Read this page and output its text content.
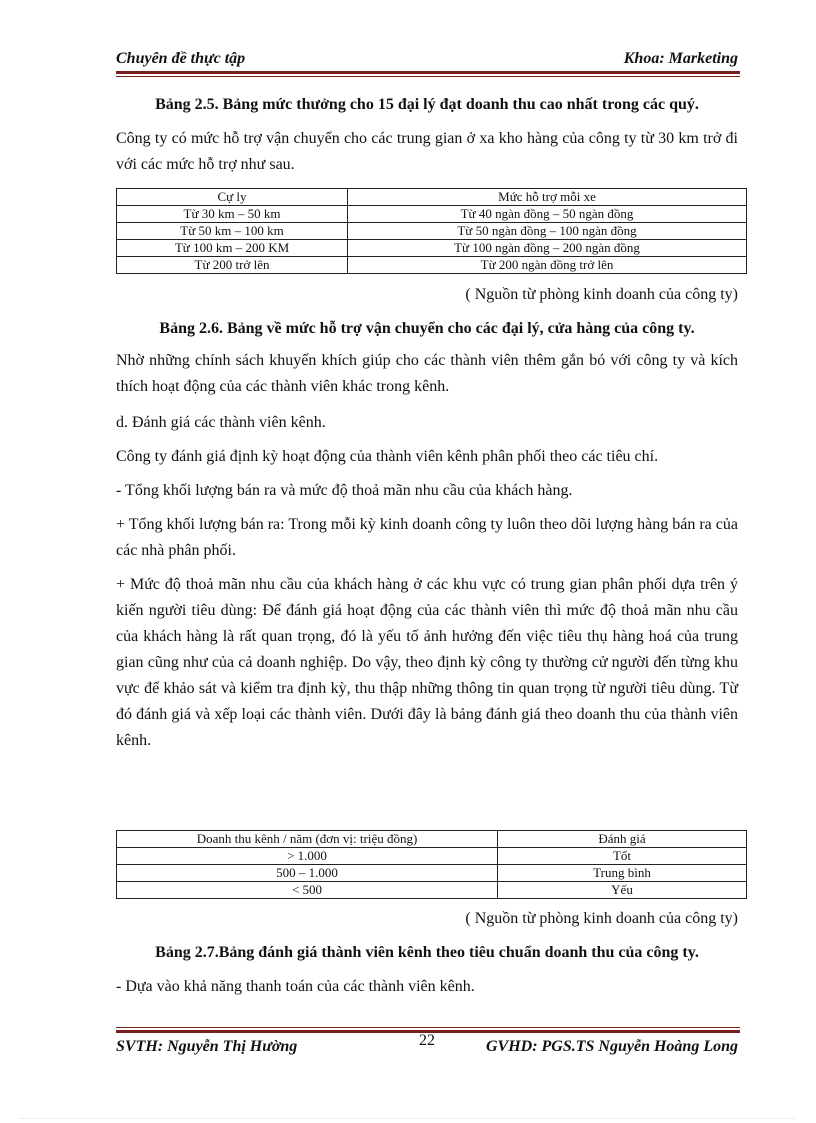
Chuyên đề thực tập	Khoa: Marketing
Bảng 2.5. Bảng mức thưởng cho 15 đại lý đạt doanh thu cao nhất trong các quý.
Công ty có mức hỗ trợ vận chuyển cho các trung gian ở xa kho hàng của công ty từ 30 km trở đi với các mức hỗ trợ như sau.
Cự ly	Mức hỗ trợ mỗi xe
Từ 30 km – 50 km	Từ 40 ngàn đồng – 50 ngàn đồng
Từ 50 km – 100 km	Từ 50 ngàn đồng – 100 ngàn đồng
Từ 100 km – 200 KM	Từ 100 ngàn đồng – 200 ngàn đồng
Từ 200 trở lên	Từ 200 ngàn đồng trở lên
( Nguồn từ phòng kinh doanh của công ty)
Bảng 2.6. Bảng về mức hỗ trợ vận chuyển cho các đại lý, cửa hàng của công ty.
Nhờ những chính sách khuyến khích giúp cho các thành viên thêm gắn bó với công ty và kích thích hoạt động của các thành viên khác trong kênh.
d. Đánh giá các thành viên kênh.
Công ty đánh giá định kỳ hoạt động của thành viên kênh phân phối theo các tiêu chí.
- Tổng khối lượng bán ra và mức độ thoả mãn nhu cầu của khách hàng.
+ Tổng khối lượng bán ra: Trong mỗi kỳ kinh doanh công ty luôn theo dõi lượng hàng bán ra của các nhà phân phối.
+ Mức độ thoả mãn nhu cầu của khách hàng ở các khu vực có trung gian phân phối dựa trên ý kiến người tiêu dùng: Để đánh giá hoạt động của các thành viên thì mức độ thoả mãn nhu cầu của khách hàng là rất quan trọng, đó là yếu tố ảnh hưởng đến việc tiêu thụ hàng hoá của trung gian cũng như của cả doanh nghiệp. Do vậy, theo định kỳ công ty thường cử người đến từng khu vực để khảo sát và kiểm tra định kỳ, thu thập những thông tin quan trọng từ người tiêu dùng. Từ đó đánh giá và xếp loại các thành viên. Dưới đây là bảng đánh giá theo doanh thu của thành viên kênh.
Doanh thu kênh / năm (đơn vị: triệu đồng)	Đánh giá
> 1.000	Tốt
500 – 1.000	Trung bình
< 500	Yếu
( Nguồn từ phòng kinh doanh của công ty)
Bảng 2.7.Bảng đánh giá thành viên kênh theo tiêu chuẩn doanh thu của công ty.
- Dựa vào khả năng thanh toán của các thành viên kênh.
SVTH: Nguyễn Thị Hường	22	GVHD: PGS.TS Nguyễn Hoàng Long
